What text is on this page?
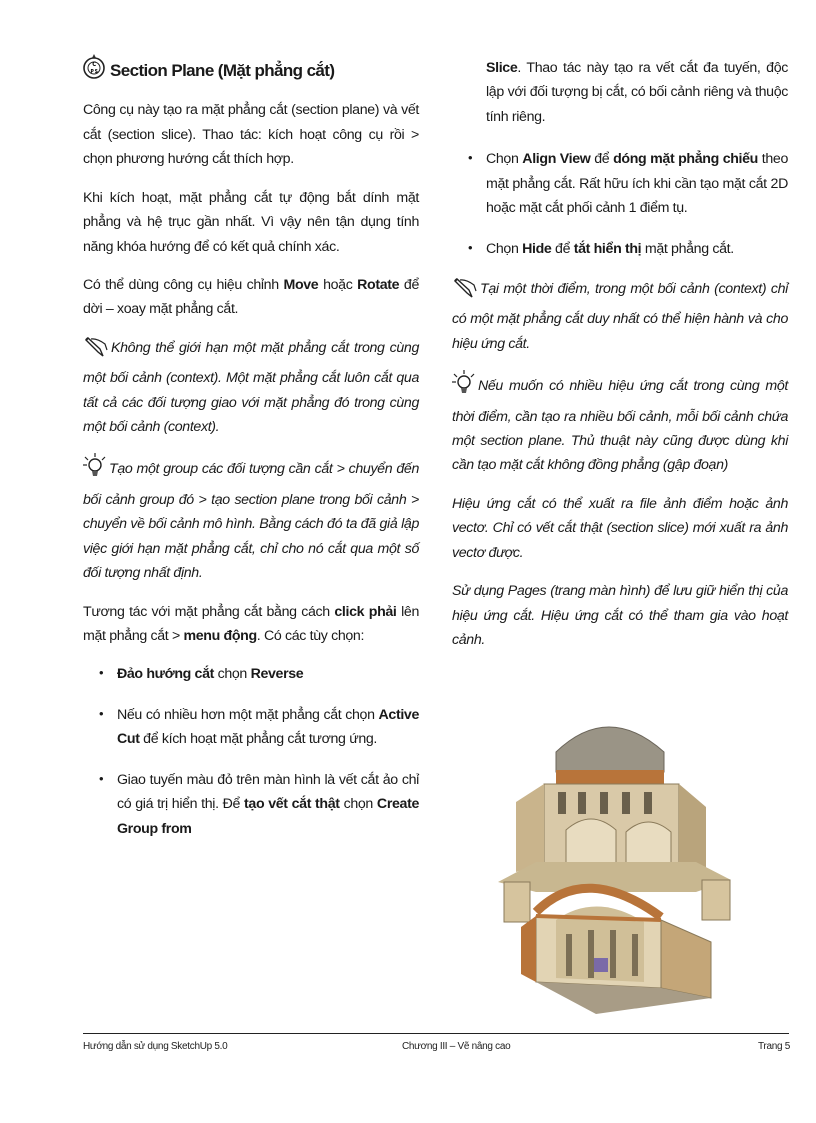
C
P S Section Plane (Mặt phẳng cắt)

Công cụ này tạo ra mặt phẳng cắt (section plane) và vết cắt (section slice). Thao tác: kích hoạt công cụ rồi > chọn phương hướng cắt thích hợp.

Khi kích hoạt, mặt phẳng cắt tự động bắt dính mặt phẳng và hệ trục gần nhất. Vì vậy nên tận dụng tính năng khóa hướng để có kết quả chính xác.

Có thể dùng công cụ hiệu chỉnh Move hoặc Rotate để dời – xoay mặt phẳng cắt.

Không thể giới hạn một mặt phẳng cắt trong cùng một bối cảnh (context). Một mặt phẳng cắt luôn cắt qua tất cả các đối tượng giao với mặt phẳng đó trong cùng một bối cảnh (context).

Tạo một group các đối tượng cần cắt > chuyển đến bối cảnh group đó > tạo section plane trong bối cảnh > chuyển về bối cảnh mô hình. Bằng cách đó ta đã giả lập việc giới hạn mặt phẳng cắt, chỉ cho nó cắt qua một số đối tượng nhất định.

Tương tác với mặt phẳng cắt bằng cách click phải lên mặt phẳng cắt > menu động. Có các tùy chọn:

• Đảo hướng cắt chọn Reverse
• Nếu có nhiều hơn một mặt phẳng cắt chọn Active Cut để kích hoạt mặt phẳng cắt tương ứng.
• Giao tuyến màu đỏ trên màn hình là vết cắt ảo chỉ có giá trị hiển thị. Để tạo vết cắt thật chọn Create Group from
Slice. Thao tác này tạo ra vết cắt đa tuyến, độc lập với đối tượng bị cắt, có bối cảnh riêng và thuộc tính riêng.
• Chọn Align View để dóng mặt phẳng chiếu theo mặt phẳng cắt. Rất hữu ích khi cần tạo mặt cắt 2D hoặc mặt cắt phối cảnh 1 điểm tụ.
• Chọn Hide để tắt hiển thị mặt phẳng cắt.

Tại một thời điểm, trong một bối cảnh (context) chỉ có một mặt phẳng cắt duy nhất có thể hiện hành và cho hiệu ứng cắt.

Nếu muốn có nhiều hiệu ứng cắt trong cùng một thời điểm, cần tạo ra nhiều bối cảnh, mỗi bối cảnh chứa một section plane. Thủ thuật này cũng được dùng khi cần tạo mặt cắt không đồng phẳng (gập đoạn)

Hiệu ứng cắt có thể xuất ra file ảnh điểm hoặc ảnh vectơ. Chỉ có vết cắt thật (section slice) mới xuất ra ảnh vectơ được.

Sử dụng Pages (trang màn hình) để lưu giữ hiển thị của hiệu ứng cắt. Hiệu ứng cắt có thể tham gia vào hoạt cảnh.

Hướng dẫn sử dụng SketchUp 5.0	Chương III – Vẽ nâng cao	Trang 5
